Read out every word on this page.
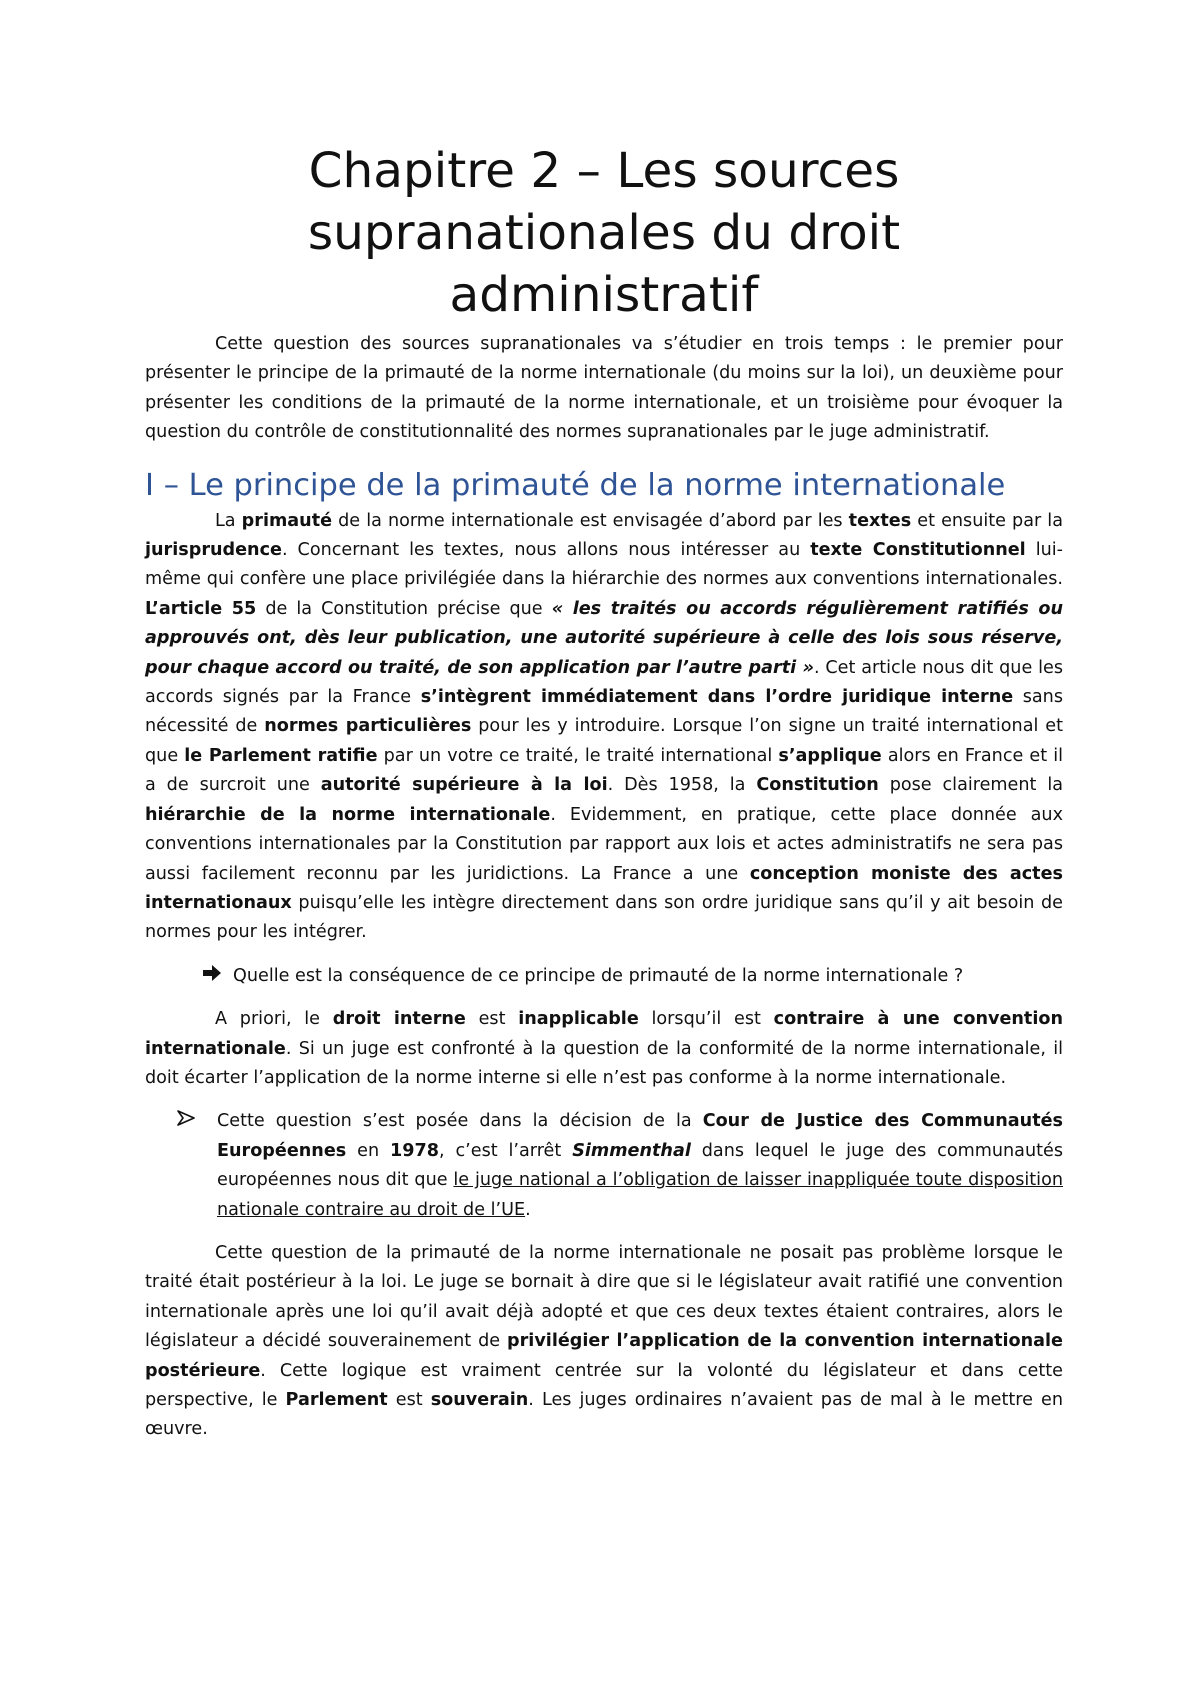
Chapitre 2 – Les sources
supranationales du droit
administratif

Cette question des sources supranationales va s’étudier en trois temps : le premier pour présenter le principe de la primauté de la norme internationale (du moins sur la loi), un deuxième pour présenter les conditions de la primauté de la norme internationale, et un troisième pour évoquer la question du contrôle de constitutionnalité des normes supranationales par le juge administratif.

I – Le principe de la primauté de la norme internationale

La primauté de la norme internationale est envisagée d’abord par les textes et ensuite par la jurisprudence. Concernant les textes, nous allons nous intéresser au texte Constitutionnel lui-même qui confère une place privilégiée dans la hiérarchie des normes aux conventions internationales. L’article 55 de la Constitution précise que « les traités ou accords régulièrement ratifiés ou approuvés ont, dès leur publication, une autorité supérieure à celle des lois sous réserve, pour chaque accord ou traité, de son application par l’autre parti ». Cet article nous dit que les accords signés par la France s’intègrent immédiatement dans l’ordre juridique interne sans nécessité de normes particulières pour les y introduire. Lorsque l’on signe un traité international et que le Parlement ratifie par un votre ce traité, le traité international s’applique alors en France et il a de surcroit une autorité supérieure à la loi. Dès 1958, la Constitution pose clairement la hiérarchie de la norme internationale. Evidemment, en pratique, cette place donnée aux conventions internationales par la Constitution par rapport aux lois et actes administratifs ne sera pas aussi facilement reconnu par les juridictions. La France a une conception moniste des actes internationaux puisqu’elle les intègre directement dans son ordre juridique sans qu’il y ait besoin de normes pour les intégrer.

Quelle est la conséquence de ce principe de primauté de la norme internationale ?

A priori, le droit interne est inapplicable lorsqu’il est contraire à une convention internationale. Si un juge est confronté à la question de la conformité de la norme internationale, il doit écarter l’application de la norme interne si elle n’est pas conforme à la norme internationale.

Cette question s’est posée dans la décision de la Cour de Justice des Communautés Européennes en 1978, c’est l’arrêt Simmenthal dans lequel le juge des communautés européennes nous dit que le juge national a l’obligation de laisser inappliquée toute disposition nationale contraire au droit de l’UE.

Cette question de la primauté de la norme internationale ne posait pas problème lorsque le traité était postérieur à la loi. Le juge se bornait à dire que si le législateur avait ratifié une convention internationale après une loi qu’il avait déjà adopté et que ces deux textes étaient contraires, alors le législateur a décidé souverainement de privilégier l’application de la convention internationale postérieure. Cette logique est vraiment centrée sur la volonté du législateur et dans cette perspective, le Parlement est souverain. Les juges ordinaires n’avaient pas de mal à le mettre en œuvre.
